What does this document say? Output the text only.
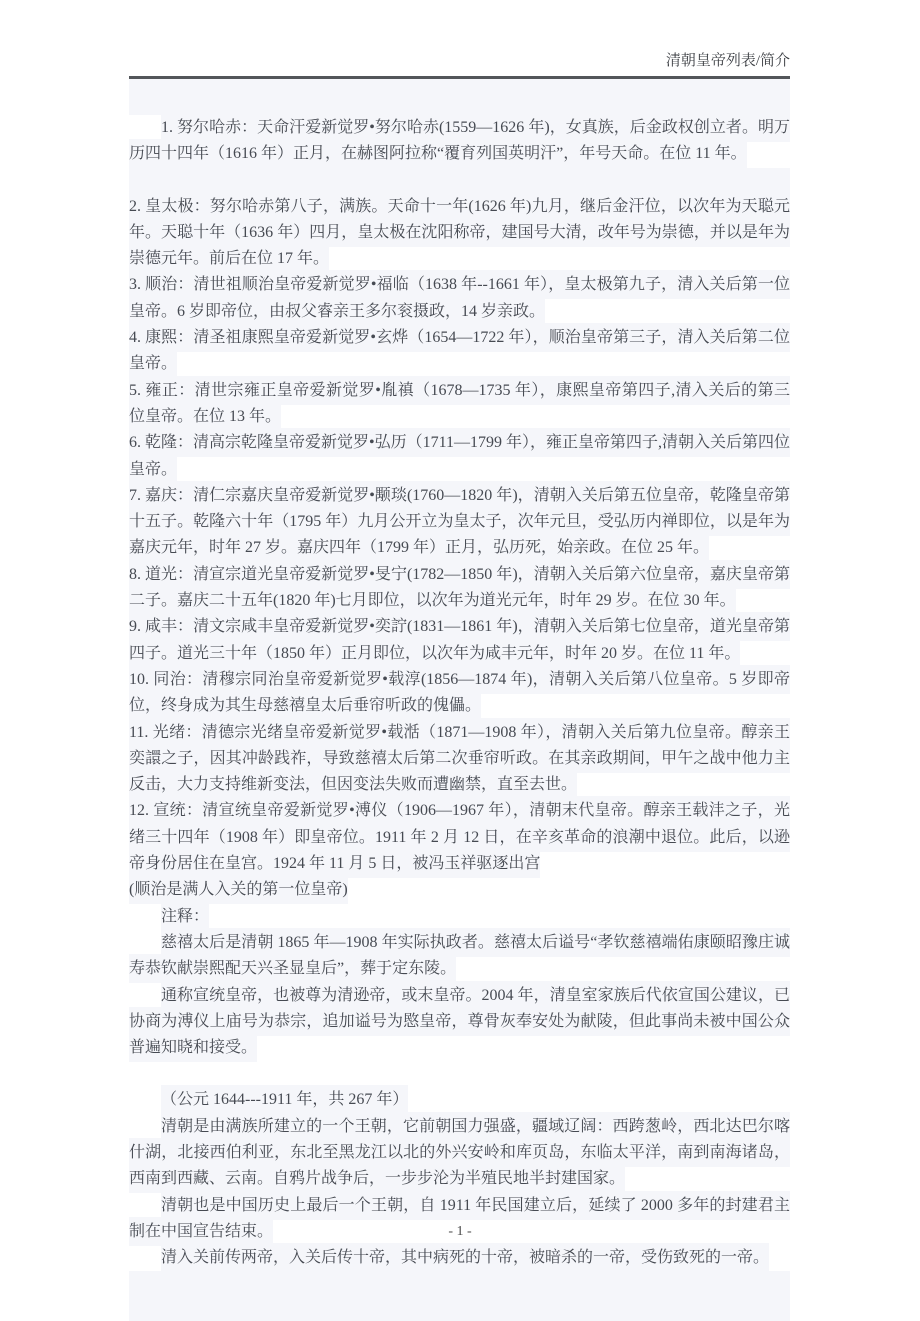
清朝皇帝列表/简介

1. 努尔哈赤：天命汗爱新觉罗•努尔哈赤(1559—1626 年)，女真族，后金政权创立者。明万历四十四年（1616 年）正月，在赫图阿拉称“覆育列国英明汗”，年号天命。在位 11 年。

2. 皇太极：努尔哈赤第八子，满族。天命十一年(1626 年)九月，继后金汗位，以次年为天聪元年。天聪十年（1636 年）四月，皇太极在沈阳称帝，建国号大清，改年号为崇德，并以是年为崇德元年。前后在位 17 年。

3. 顺治：清世祖顺治皇帝爱新觉罗•福临（1638 年--1661 年），皇太极第九子，清入关后第一位皇帝。6 岁即帝位，由叔父睿亲王多尔衮摄政，14 岁亲政。

4. 康熙：清圣祖康熙皇帝爱新觉罗•玄烨（1654—1722 年），顺治皇帝第三子，清入关后第二位皇帝。

5. 雍正：清世宗雍正皇帝爱新觉罗•胤禛（1678—1735 年），康熙皇帝第四子,清入关后的第三位皇帝。在位 13 年。

6. 乾隆：清高宗乾隆皇帝爱新觉罗•弘历（1711—1799 年），雍正皇帝第四子,清朝入关后第四位皇帝。

7. 嘉庆：清仁宗嘉庆皇帝爱新觉罗•颙琰(1760—1820 年)，清朝入关后第五位皇帝，乾隆皇帝第十五子。乾隆六十年（1795 年）九月公开立为皇太子，次年元旦，受弘历内禅即位，以是年为嘉庆元年，时年 27 岁。嘉庆四年（1799 年）正月，弘历死，始亲政。在位 25 年。

8. 道光：清宣宗道光皇帝爱新觉罗•旻宁(1782—1850 年)，清朝入关后第六位皇帝，嘉庆皇帝第二子。嘉庆二十五年(1820 年)七月即位，以次年为道光元年，时年 29 岁。在位 30 年。

9. 咸丰：清文宗咸丰皇帝爱新觉罗•奕詝(1831—1861 年)，清朝入关后第七位皇帝，道光皇帝第四子。道光三十年（1850 年）正月即位，以次年为咸丰元年，时年 20 岁。在位 11 年。

10. 同治：清穆宗同治皇帝爱新觉罗•载淳(1856—1874 年)，清朝入关后第八位皇帝。5 岁即帝位，终身成为其生母慈禧皇太后垂帘听政的傀儡。

11. 光绪：清德宗光绪皇帝爱新觉罗•载湉（1871—1908 年），清朝入关后第九位皇帝。醇亲王奕譞之子，因其冲龄践祚，导致慈禧太后第二次垂帘听政。在其亲政期间，甲午之战中他力主反击，大力支持维新变法，但因变法失败而遭幽禁，直至去世。

12. 宣统：清宣统皇帝爱新觉罗•溥仪（1906—1967 年），清朝末代皇帝。醇亲王载沣之子，光绪三十四年（1908 年）即皇帝位。1911 年 2 月 12 日，在辛亥革命的浪潮中退位。此后，以逊帝身份居住在皇宫。1924 年 11 月 5 日，被冯玉祥驱逐出宫

(顺治是满人入关的第一位皇帝)

注释：

慈禧太后是清朝 1865 年—1908 年实际执政者。慈禧太后谥号“孝钦慈禧端佑康颐昭豫庄诚寿恭钦献崇熙配天兴圣显皇后”，葬于定东陵。

通称宣统皇帝，也被尊为清逊帝，或末皇帝。2004 年，清皇室家族后代依宣国公建议，已协商为溥仪上庙号为恭宗，追加谥号为愍皇帝，尊骨灰奉安处为献陵，但此事尚未被中国公众普遍知晓和接受。

（公元 1644---1911 年，共 267 年）

清朝是由满族所建立的一个王朝，它前朝国力强盛，疆域辽阔：西跨葱岭，西北达巴尔喀什湖，北接西伯利亚，东北至黑龙江以北的外兴安岭和库页岛，东临太平洋，南到南海诸岛，西南到西藏、云南。自鸦片战争后，一步步沦为半殖民地半封建国家。

清朝也是中国历史上最后一个王朝，自 1911 年民国建立后，延续了 2000 多年的封建君主制在中国宣告结束。

清入关前传两帝，入关后传十帝，其中病死的十帝，被暗杀的一帝，受伤致死的一帝。

- 1 -
